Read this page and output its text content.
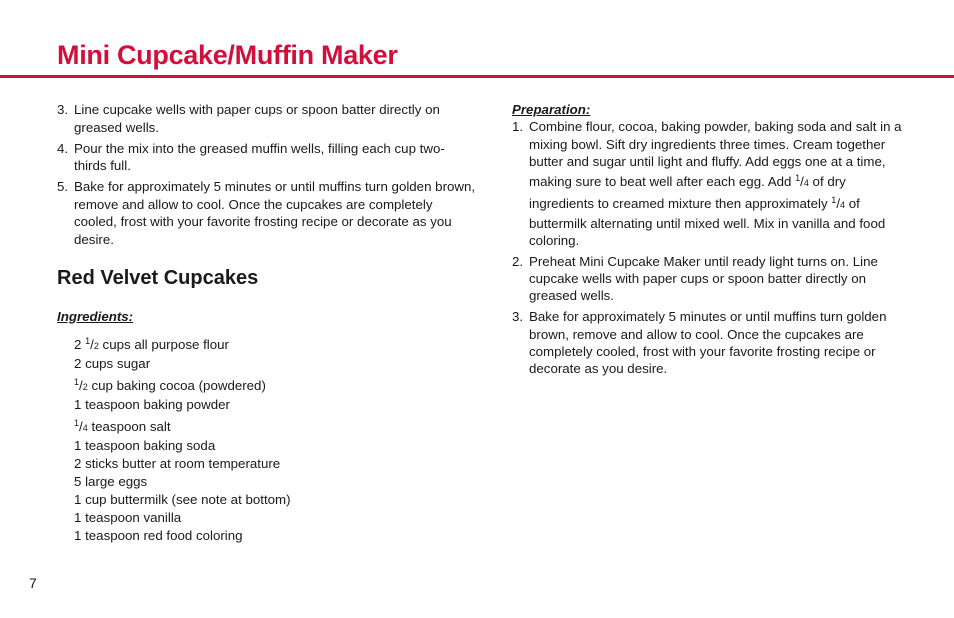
Mini Cupcake/Muffin Maker
3. Line cupcake wells with paper cups or spoon batter directly on greased wells.
4. Pour the mix into the greased muffin wells, filling each cup two-thirds full.
5. Bake for approximately 5 minutes or until muffins turn golden brown, remove and allow to cool. Once the cupcakes are completely cooled, frost with your favorite frosting recipe or decorate as you desire.
Red Velvet Cupcakes
Ingredients:
2 $^1$/2 cups all purpose flour
2 cups sugar
$^1$/2 cup baking cocoa (powdered)
1 teaspoon baking powder
$^1$/4 teaspoon salt
1 teaspoon baking soda
2 sticks butter at room temperature
5 large eggs
1 cup buttermilk (see note at bottom)
1 teaspoon vanilla
1 teaspoon red food coloring
Preparation:
1. Combine flour, cocoa, baking powder, baking soda and salt in a mixing bowl. Sift dry ingredients three times. Cream together butter and sugar until light and fluffy. Add eggs one at a time, making sure to beat well after each egg. Add $^1$/4 of dry ingredients to creamed mixture then approximately $^1$/4 of buttermilk alternating until mixed well. Mix in vanilla and food coloring.
2. Preheat Mini Cupcake Maker until ready light turns on. Line cupcake wells with paper cups or spoon batter directly on greased wells.
3. Bake for approximately 5 minutes or until muffins turn golden brown, remove and allow to cool. Once the cupcakes are completely cooled, frost with your favorite frosting recipe or decorate as you desire.
7
